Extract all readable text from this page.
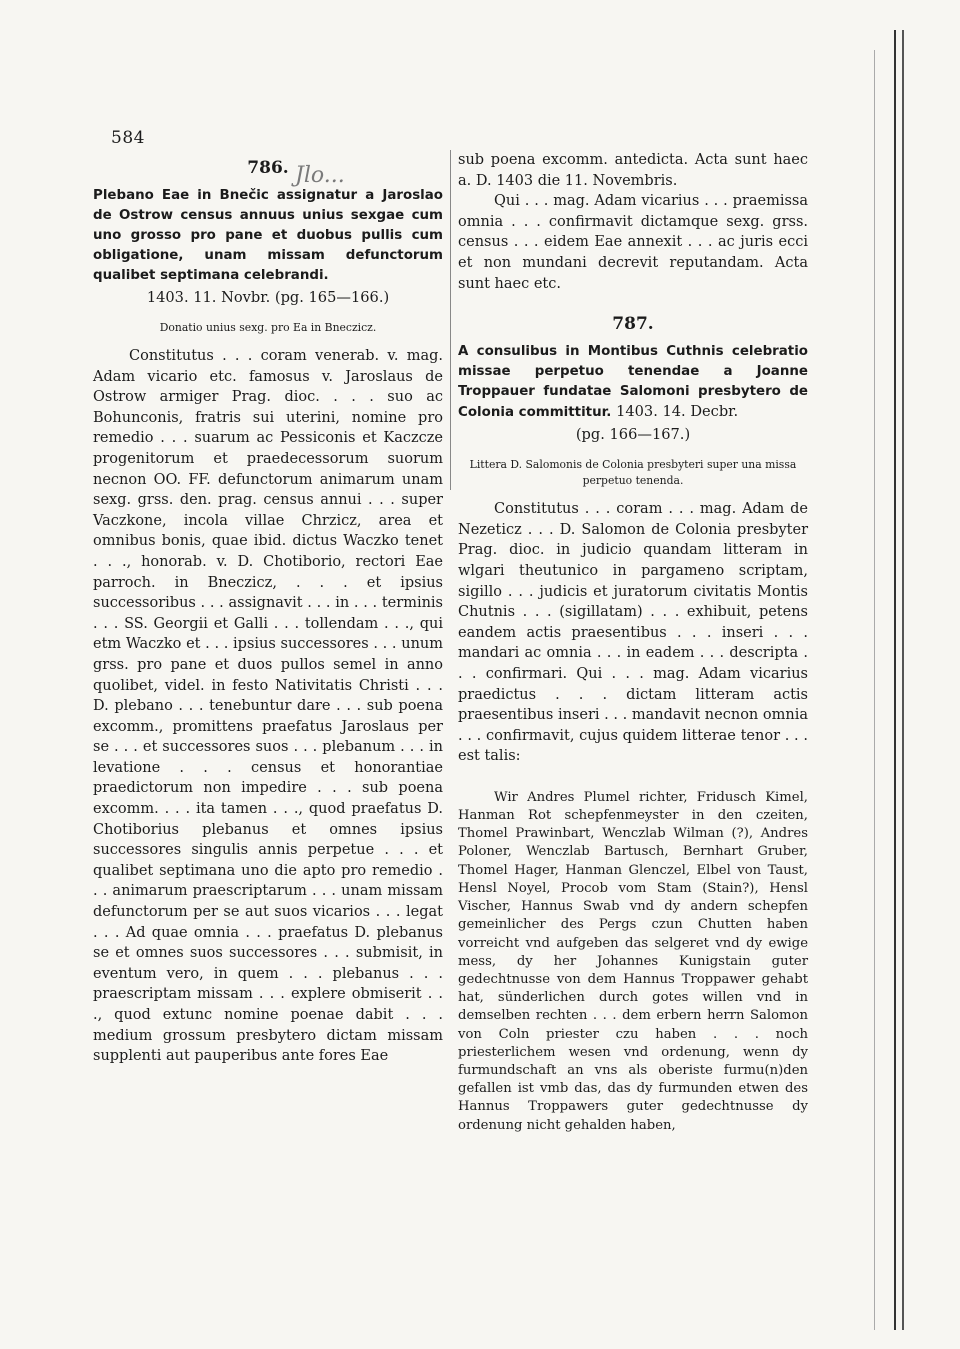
584
Jlo...
786.

Plebano Eae in Bnečic assignatur a Jaroslao de Ostrow census annuus unius sexgae cum uno grosso pro pane et duobus pullis cum obligatione, unam missam defunctorum qualibet septimana celebrandi.

1403. 11. Novbr. (pg. 165—166.)
Donatio unius sexg. pro Ea in Bneczicz.

Constitutus . . . coram venerab. v. mag. Adam vicario etc. famosus v. Jaroslaus de Ostrow armiger Prag. dioc. . . . suo ac Bohunconis, fratris sui uterini, nomine pro remedio . . . suarum ac Pessiconis et Kaczcze progenitorum et praedecessorum suorum necnon OO. FF. defunctorum animarum unam sexg. grss. den. prag. census annui . . . super Vaczkone, incola villae Chrzicz, area et omnibus bonis, quae ibid. dictus Waczko tenet . . ., honorab. v. D. Chotiborio, rectori Eae parroch. in Bneczicz, . . . et ipsius successoribus . . . assignavit . . . in . . . terminis . . . SS. Georgii et Galli . . . tollendam . . ., qui etm Waczko et . . . ipsius successores . . . unum grss. pro pane et duos pullos semel in anno quolibet, videl. in festo Nativitatis Christi . . . D. plebano . . . tenebuntur dare . . . sub poena excomm., promittens praefatus Jaroslaus per se . . . et successores suos . . . plebanum . . . in levatione . . . census et honorantiae praedictorum non impedire . . . sub poena excomm. . . . ita tamen . . ., quod praefatus D. Chotiborius plebanus et omnes ipsius successores singulis annis perpetue . . . et qualibet septimana uno die apto pro remedio . . . animarum praescriptarum . . . unam missam defunctorum per se aut suos vicarios . . . legat . . . Ad quae omnia . . . praefatus D. plebanus se et omnes suos successores . . . submisit, in eventum vero, in quem . . . plebanus . . . praescriptam missam . . . explere obmiserit . . ., quod extunc nomine poenae dabit . . . medium grossum presbytero dictam missam supplenti aut pauperibus ante fores Eae

sub poena excomm. antedicta. Acta sunt haec a. D. 1403 die 11. Novembris.

Qui . . . mag. Adam vicarius . . . praemissa omnia . . . confirmavit dictamque sexg. grss. census . . . eidem Eae annexit . . . ac juris ecci et non mundani decrevit reputandam. Acta sunt haec etc.

787.

A consulibus in Montibus Cuthnis celebratio missae perpetuo tenendae a Joanne Troppauer fundatae Salomoni presbytero de Colonia committitur. 1403. 14. Decbr.

(pg. 166—167.)
Littera D. Salomonis de Colonia presbyteri super una missa perpetuo tenenda.

Constitutus . . . coram . . . mag. Adam de Nezeticz . . . D. Salomon de Colonia presbyter Prag. dioc. in judicio quandam litteram in wlgari theutunico in pargameno scriptam, sigillo . . . judicis et juratorum civitatis Montis Chutnis . . . (sigillatam) . . . exhibuit, petens eandem actis praesentibus . . . inseri . . . mandari ac omnia . . . in eadem . . . descripta . . . confirmari. Qui . . . mag. Adam vicarius praedictus . . . dictam litteram actis praesentibus inseri . . . mandavit necnon omnia . . . confirmavit, cujus quidem litterae tenor . . . est talis:

Wir Andres Plumel richter, Fridusch Kimel, Hanman Rot schepfenmeyster in den czeiten, Thomel Prawinbart, Wenczlab Wilman (?), Andres Poloner, Wenczlab Bartusch, Bernhart Gruber, Thomel Hager, Hanman Glenczel, Elbel von Taust, Hensl Noyel, Procob vom Stam (Stain?), Hensl Vischer, Hannus Swab vnd dy andern schepfen gemeinlicher des Pergs czun Chutten haben vorreicht vnd aufgeben das selgeret vnd dy ewige mess, dy her Johannes Kunigstain guter gedechtnusse von dem Hannus Troppawer gehabt hat, sünderlichen durch gotes willen vnd in demselben rechten . . . dem erbern herrn Salomon von Coln priester czu haben . . . noch priesterlichem wesen vnd ordenung, wenn dy furmundschaft an vns als oberiste furmu(n)den gefallen ist vmb das, das dy furmunden etwen des Hannus Troppawers guter gedechtnusse dy ordenung nicht gehalden haben,
